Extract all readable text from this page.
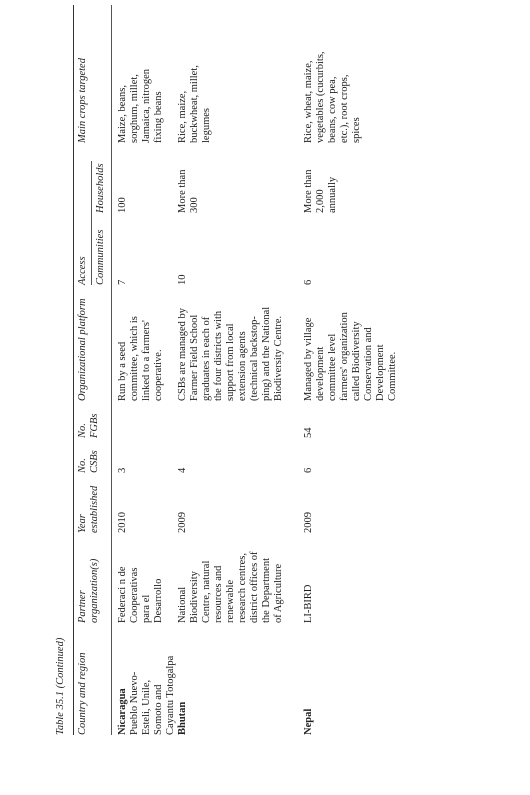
Table 35.1 (Continued) Country and region
Partner
organization(s)
Year
established
No.
CSBs
No.
FGBs
Organizational platform
Access Communities
Households
Main crops targeted
Nicaragua Pueblo Nuevo-
Esteli, Unile,
Somoto and
Cayantu Totogalpa
Federaci n de
Cooperativas
para el
Desarrollo
2010
3
Run by a seed
committee, which is
linked to a farmers'
cooperative.
7
100
Maize, beans,
sorghum, millet,
Jamaica, nitrogen
fixing beans
Bhutan
National
Biodiversity
Centre, natural
resources and
renewable
research centres,
district offices of
the Department
of Agriculture
2009
4
CSBs are managed by
Farmer Field School
graduates in each of
the four districts with
support from local
extension agents
(technical backstop-
ping) and the National
Biodiversity Centre.
10
More than
300
Rice, maize,
buckwheat, millet,
legumes
Nepal
LI-BIRD
2009
6
54
Managed by village
development
committee level
farmers' organization
called Biodiversity
Conservation and
Development
Committee.
6
More than
2,000
annually
Rice, wheat, maize,
vegetables (cucurbits,
beans, cow pea,
etc.), root crops,
spices
